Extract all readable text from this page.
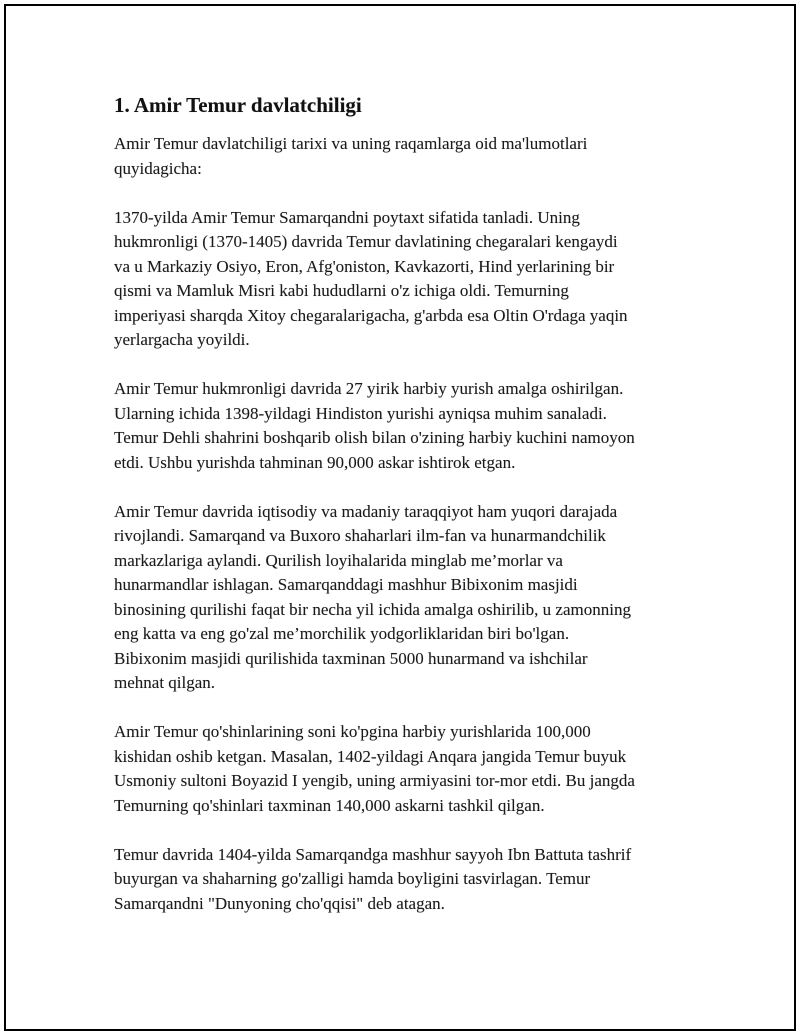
1. Amir Temur davlatchiligi
Amir Temur davlatchiligi tarixi va uning raqamlarga oid ma'lumotlari
quyidagicha:
1370-yilda Amir Temur Samarqandni poytaxt sifatida tanladi. Uning
hukmronligi (1370-1405) davrida Temur davlatining chegaralari kengaydi
va u Markaziy Osiyo, Eron, Afg'oniston, Kavkazorti, Hind yerlarining bir
qismi va Mamluk Misri kabi hududlarni o'z ichiga oldi. Temurning
imperiyasi sharqda Xitoy chegaralarigacha, g'arbda esa Oltin O'rdaga yaqin
yerlargacha yoyildi.
Amir Temur hukmronligi davrida 27 yirik harbiy yurish amalga oshirilgan.
Ularning ichida 1398-yildagi Hindiston yurishi ayniqsa muhim sanaladi.
Temur Dehli shahrini boshqarib olish bilan o'zining harbiy kuchini namoyon
etdi. Ushbu yurishda tahminan 90,000 askar ishtirok etgan.
Amir Temur davrida iqtisodiy va madaniy taraqqiyot ham yuqori darajada
rivojlandi. Samarqand va Buxoro shaharlari ilm-fan va hunarmandchilik
markazlariga aylandi. Qurilish loyihalarida minglab me’morlar va
hunarmandlar ishlagan. Samarqanddagi mashhur Bibixonim masjidi
binosining qurilishi faqat bir necha yil ichida amalga oshirilib, u zamonning
eng katta va eng go'zal me’morchilik yodgorliklaridan biri bo'lgan.
Bibixonim masjidi qurilishida taxminan 5000 hunarmand va ishchilar
mehnat qilgan.
Amir Temur qo'shinlarining soni ko'pgina harbiy yurishlarida 100,000
kishidan oshib ketgan. Masalan, 1402-yildagi Anqara jangida Temur buyuk
Usmoniy sultoni Boyazid I yengib, uning armiyasini tor-mor etdi. Bu jangda
Temurning qo'shinlari taxminan 140,000 askarni tashkil qilgan.
Temur davrida 1404-yilda Samarqandga mashhur sayyoh Ibn Battuta tashrif
buyurgan va shaharning go'zalligi hamda boyligini tasvirlagan. Temur
Samarqandni "Dunyoning cho'qqisi" deb atagan.
